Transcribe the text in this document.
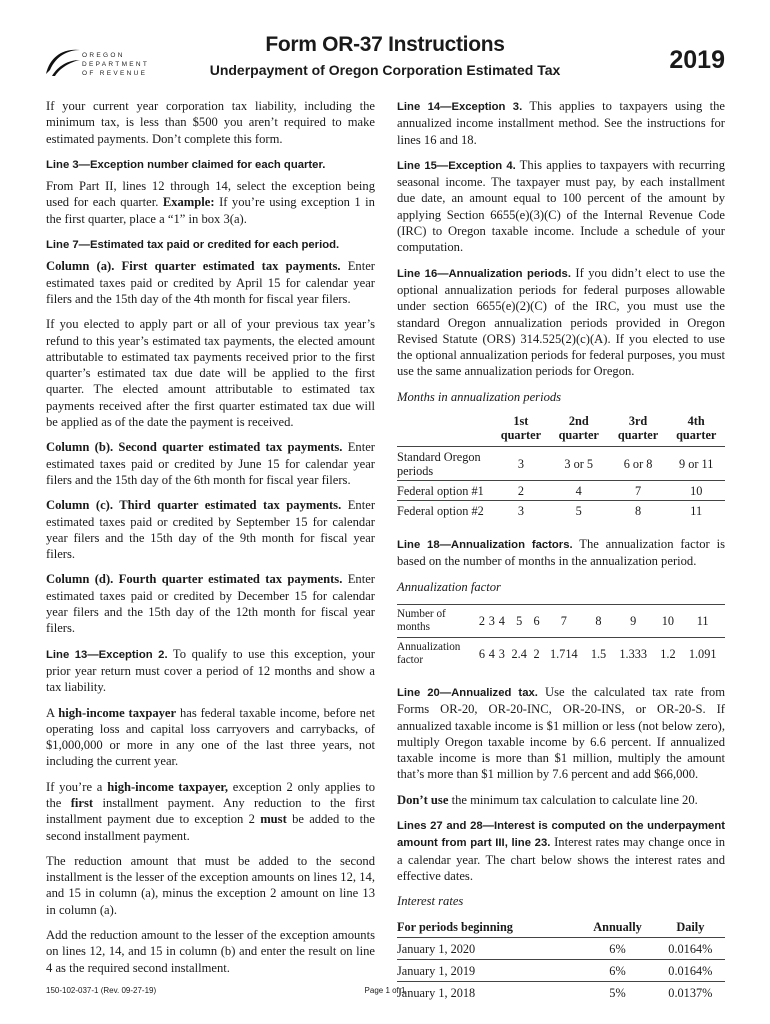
OREGON
DEPARTMENT
OF REVENUE
Form OR-37 Instructions
Underpayment of Oregon Corporation Estimated Tax	2019

If your current year corporation tax liability, including the minimum tax, is less than $500 you aren’t required to make estimated payments. Don’t complete this form.

Line 3—Exception number claimed for each quarter.

From Part II, lines 12 through 14, select the exception being used for each quarter. Example: If you’re using exception 1 in the first quarter, place a “1” in box 3(a).

Line 7—Estimated tax paid or credited for each period.

Column (a). First quarter estimated tax payments. Enter estimated taxes paid or credited by April 15 for calendar year filers and the 15th day of the 4th month for fiscal year filers.

If you elected to apply part or all of your previous tax year’s refund to this year’s estimated tax payments, the elected amount attributable to estimated tax payments received prior to the first quarter’s estimated tax due date will be applied to the first quarter. The elected amount attributable to estimated tax payments received after the first quarter estimated tax due will be applied as of the date the payment is received.

Column (b). Second quarter estimated tax payments. Enter estimated taxes paid or credited by June 15 for calendar year filers and the 15th day of the 6th month for fiscal year filers.

Column (c). Third quarter estimated tax payments. Enter estimated taxes paid or credited by September 15 for calendar year filers and the 15th day of the 9th month for fiscal year filers.

Column (d). Fourth quarter estimated tax payments. Enter estimated taxes paid or credited by December 15 for calendar year filers and the 15th day of the 12th month for fiscal year filers.

Line 13—Exception 2. To qualify to use this exception, your prior year return must cover a period of 12 months and show a tax liability.

A high-income taxpayer has federal taxable income, before net operating loss and capital loss carryovers and carrybacks, of $1,000,000 or more in any one of the last three years, not including the current year.

If you’re a high-income taxpayer, exception 2 only applies to the first installment payment. Any reduction to the first installment payment due to exception 2 must be added to the second installment payment.

The reduction amount that must be added to the second installment is the lesser of the exception amounts on lines 12, 14, and 15 in column (a), minus the exception 2 amount on line 13 in column (a).

Add the reduction amount to the lesser of the exception amounts on lines 12, 14, and 15 in column (b) and enter the result on line 4 as the required second installment.

Line 14—Exception 3. This applies to taxpayers using the annualized income installment method. See the instructions for lines 16 and 18.

Line 15—Exception 4. This applies to taxpayers with recurring seasonal income. The taxpayer must pay, by each installment due date, an amount equal to 100 percent of the amount by applying Section 6655(e)(3)(C) of the Internal Revenue Code (IRC) to Oregon taxable income. Include a schedule of your computation.

Line 16—Annualization periods. If you didn’t elect to use the optional annualization periods for federal purposes allowable under section 6655(e)(2)(C) of the IRC, you must use the standard Oregon annualization periods provided in Oregon Revised Statute (ORS) 314.525(2)(c)(A). If you elected to use the optional annualization periods for federal purposes, you must use the same annualization periods for Oregon.

Months in annualization periods

	1st quarter	2nd quarter	3rd quarter	4th quarter
Standard Oregon periods	3	3 or 5	6 or 8	9 or 11
Federal option #1	2	4	7	10
Federal option #2	3	5	8	11

Line 18—Annualization factors. The annualization factor is based on the number of months in the annualization period.

Annualization factor

Number of months	2	3	4	5	6	7	8	9	10	11
Annualization factor	6	4	3	2.4	2	1.714	1.5	1.333	1.2	1.091

Line 20—Annualized tax. Use the calculated tax rate from Forms OR-20, OR-20-INC, OR-20-INS, or OR-20-S. If annualized taxable income is $1 million or less (not below zero), multiply Oregon taxable income by 6.6 percent. If annualized taxable income is more than $1 million, multiply the amount that’s more than $1 million by 7.6 percent and add $66,000.

Don’t use the minimum tax calculation to calculate line 20.

Lines 27 and 28—Interest is computed on the underpayment amount from part III, line 23. Interest rates may change once in a calendar year. The chart below shows the interest rates and effective dates.

Interest rates

For periods beginning	Annually	Daily
January 1, 2020	6%	0.0164%
January 1, 2019	6%	0.0164%
January 1, 2018	5%	0.0137%
150-102-037-1 (Rev. 09-27-19)	Page 1 of 1
